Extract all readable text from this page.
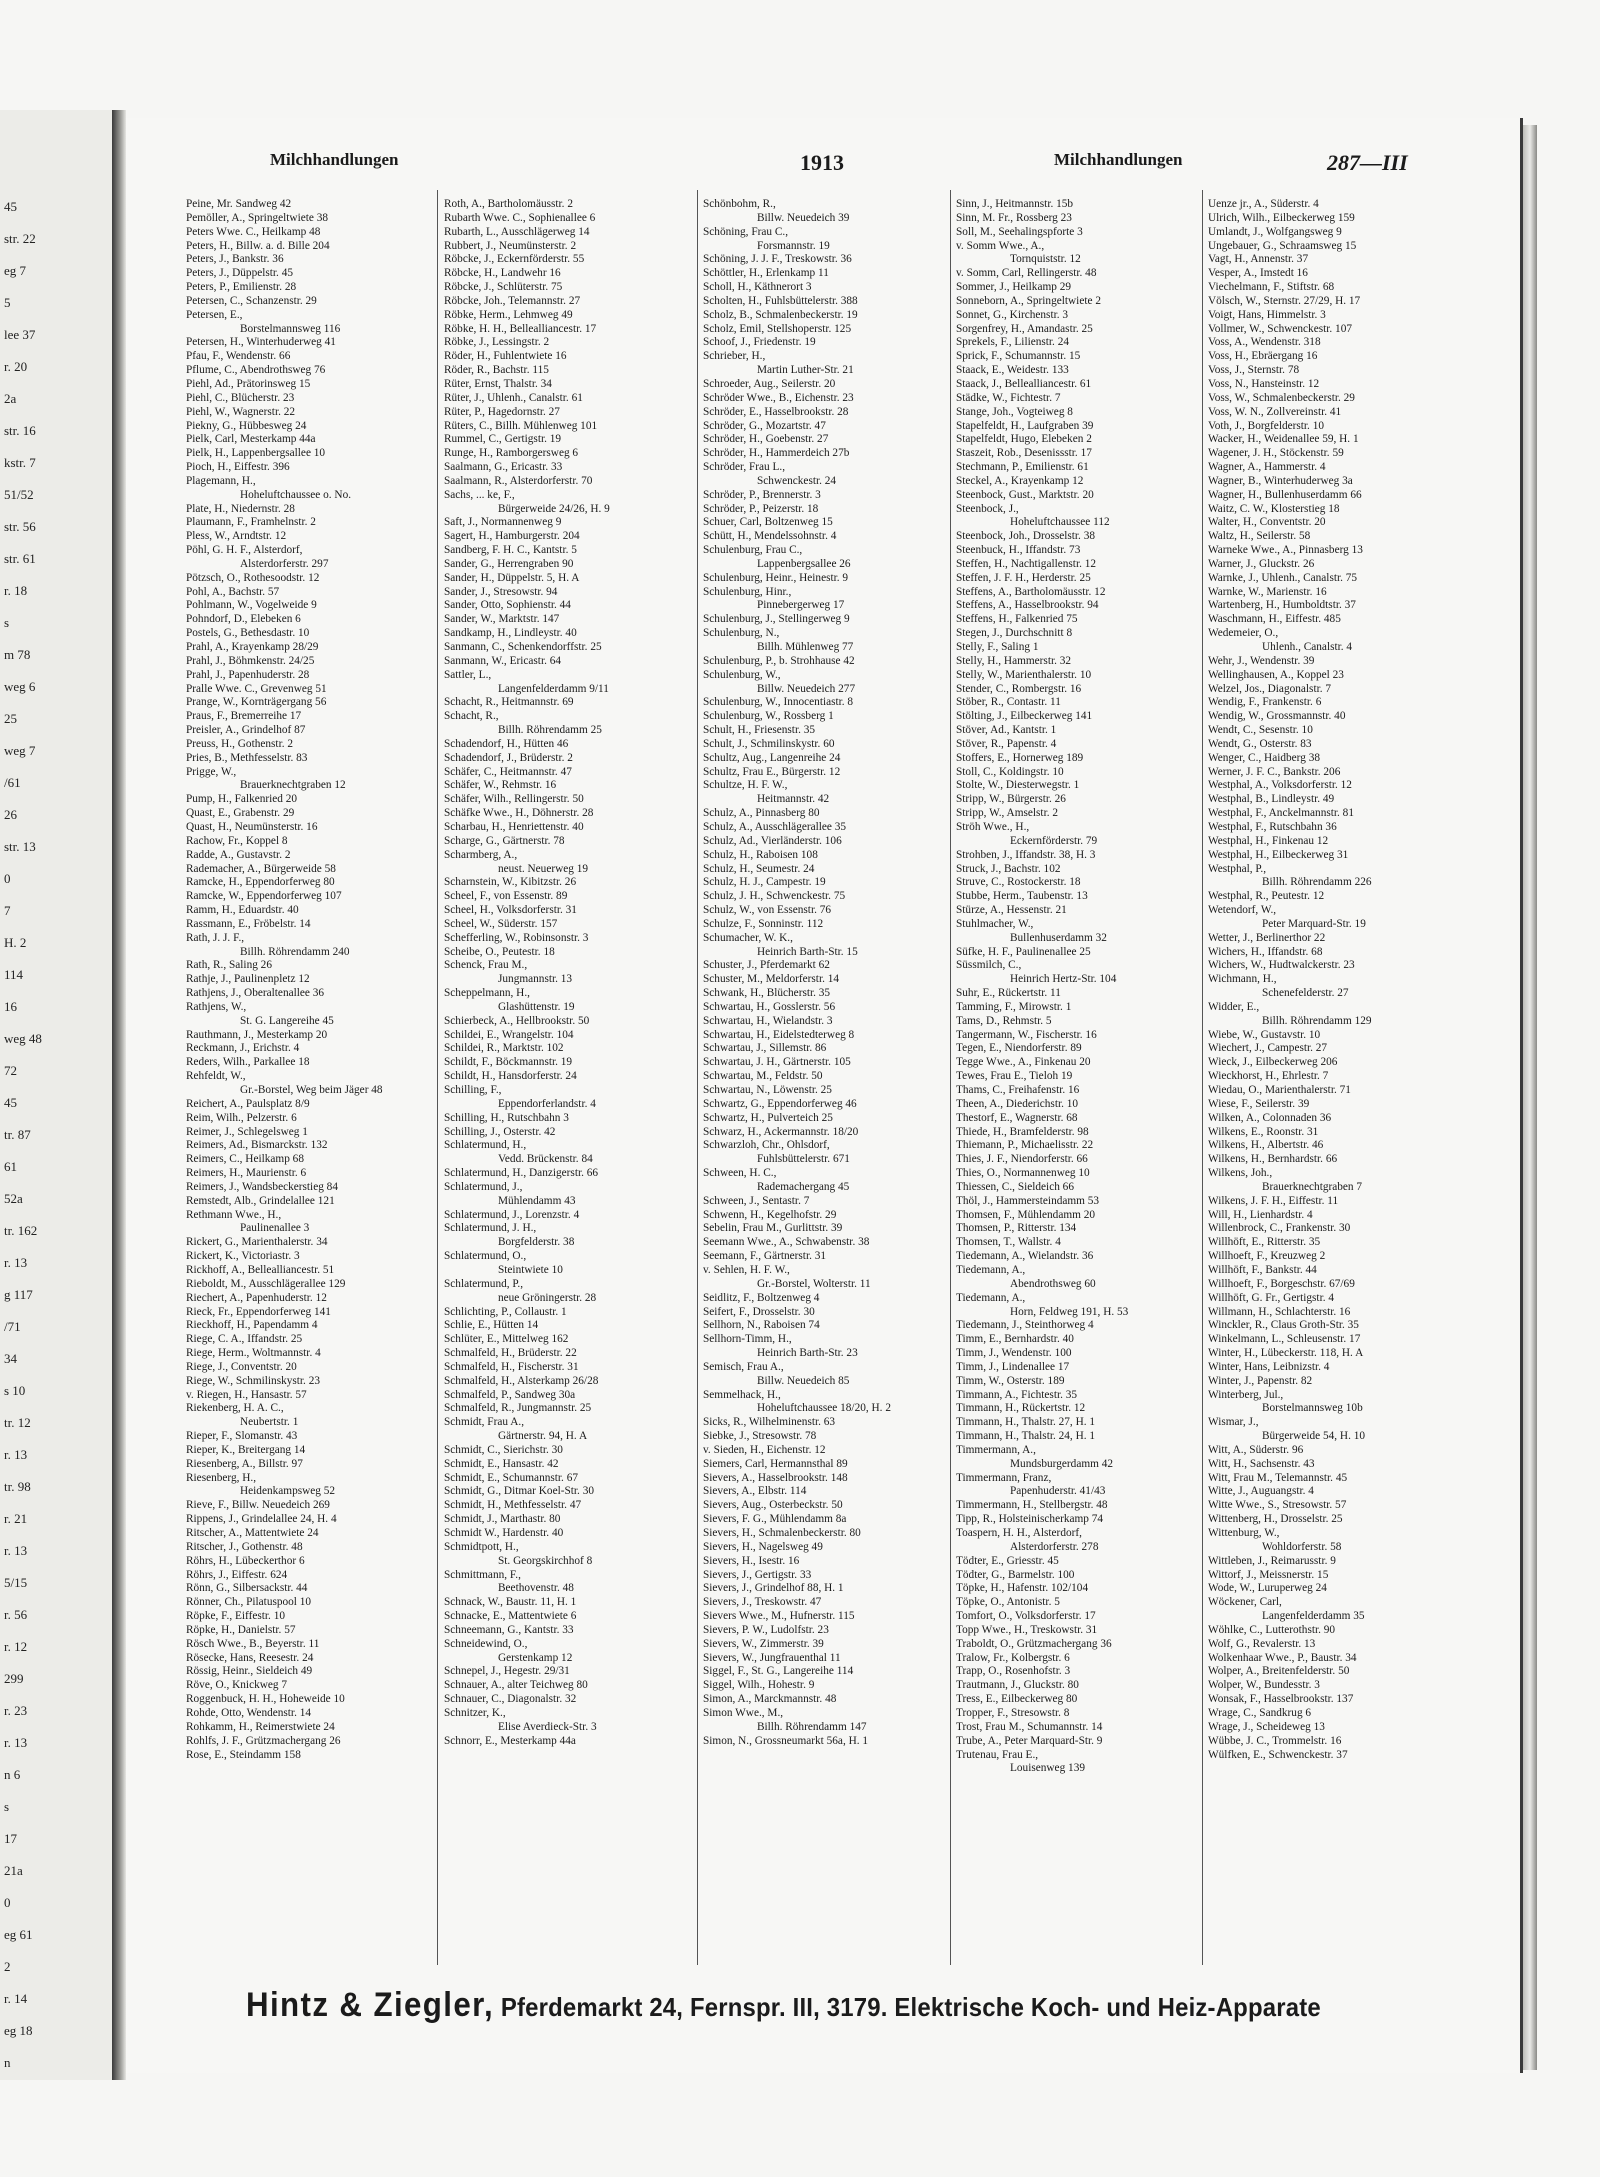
45
str. 22
eg 7
5
lee 37
r. 20
2a
str. 16
kstr. 7
51/52
str. 56
str. 61
r. 18
s
m 78
weg 6
25
weg 7
/61
26
str. 13
0
7
H. 2
114
16
weg 48
72
45
tr. 87
61
52a
tr. 162
r. 13
g 117
/71
34
s 10
tr. 12
r. 13
tr. 98
r. 21
r. 13
5/15
r. 56
r. 12
299
r. 23
r. 13
n 6
s
17
21a
0
eg 61
2
r. 14
eg 18
n
Milchhandlungen	1913	Milchhandlungen	287—III
Peine, Mr. Sandweg 42
Pemöller, A., Springeltwiete 38
Peters Wwe. C., Heilkamp 48
Peters, H., Billw. a. d. Bille 204
Peters, J., Bankstr. 36
Peters, J., Düppelstr. 45
Peters, P., Emilienstr. 28
Petersen, C., Schanzenstr. 29
Petersen, E.,
Borstelmannsweg 116
Petersen, H., Winterhuderweg 41
Pfau, F., Wendenstr. 66
Pflume, C., Abendrothsweg 76
Piehl, Ad., Prätorinsweg 15
Piehl, C., Blücherstr. 23
Piehl, W., Wagnerstr. 22
Piekny, G., Hübbesweg 24
Pielk, Carl, Mesterkamp 44a
Pielk, H., Lappenbergsallee 10
Pioch, H., Eiffestr. 396
Plagemann, H.,
Hoheluftchaussee o. No.
Plate, H., Niedernstr. 28
Plaumann, F., Framhelnstr. 2
Pless, W., Arndtstr. 12
Pöhl, G. H. F., Alsterdorf,
Alsterdorferstr. 297
Pötzsch, O., Rothesoodstr. 12
Pohl, A., Bachstr. 57
Pohlmann, W., Vogelweide 9
Pohndorf, D., Elebeken 6
Postels, G., Bethesdastr. 10
Prahl, A., Krayenkamp 28/29
Prahl, J., Böhmkenstr. 24/25
Prahl, J., Papenhuderstr. 28
Pralle Wwe. C., Grevenweg 51
Prange, W., Kornträgergang 56
Praus, F., Bremerreihe 17
Preisler, A., Grindelhof 87
Preuss, H., Gothenstr. 2
Pries, B., Methfesselstr. 83
Prigge, W.,
Brauerknechtgraben 12
Pump, H., Falkenried 20
Quast, E., Grabenstr. 29
Quast, H., Neumünsterstr. 16
Rachow, Fr., Koppel 8
Radde, A., Gustavstr. 2
Rademacher, A., Bürgerweide 58
Ramcke, H., Eppendorferweg 80
Ramcke, W., Eppendorferweg 107
Ramm, H., Eduardstr. 40
Rassmann, E., Fröbelstr. 14
Rath, J. J. F.,
Billh. Röhrendamm 240
Rath, R., Saling 26
Rathje, J., Paulinenpletz 12
Rathjens, J., Oberaltenallee 36
Rathjens, W.,
St. G. Langereihe 45
Rauthmann, J., Mesterkamp 20
Reckmann, J., Erichstr. 4
Reders, Wilh., Parkallee 18
Rehfeldt, W.,
Gr.-Borstel, Weg beim Jäger 48
Reichert, A., Paulsplatz 8/9
Reim, Wilh., Pelzerstr. 6
Reimer, J., Schlegelsweg 1
Reimers, Ad., Bismarckstr. 132
Reimers, C., Heilkamp 68
Reimers, H., Maurienstr. 6
Reimers, J., Wandsbeckerstieg 84
Remstedt, Alb., Grindelallee 121
Rethmann Wwe., H.,
Paulinenallee 3
Rickert, G., Marienthalerstr. 34
Rickert, K., Victoriastr. 3
Rickhoff, A., Bellealliancestr. 51
Rieboldt, M., Ausschlägerallee 129
Riechert, A., Papenhuderstr. 12
Rieck, Fr., Eppendorferweg 141
Rieckhoff, H., Papendamm 4
Riege, C. A., Iffandstr. 25
Riege, Herm., Woltmannstr. 4
Riege, J., Conventstr. 20
Riege, W., Schmilinskystr. 23
v. Riegen, H., Hansastr. 57
Riekenberg, H. A. C.,
Neubertstr. 1
Rieper, F., Slomanstr. 43
Rieper, K., Breitergang 14
Riesenberg, A., Billstr. 97
Riesenberg, H.,
Heidenkampsweg 52
Rieve, F., Billw. Neuedeich 269
Rippens, J., Grindelallee 24, H. 4
Ritscher, A., Mattentwiete 24
Ritscher, J., Gothenstr. 48
Röhrs, H., Lübeckerthor 6
Röhrs, J., Eiffestr. 624
Rönn, G., Silbersackstr. 44
Rönner, Ch., Pilatuspool 10
Röpke, F., Eiffestr. 10
Röpke, H., Danielstr. 57
Rösch Wwe., B., Beyerstr. 11
Rösecke, Hans, Reesestr. 24
Rössig, Heinr., Sieldeich 49
Röve, O., Knickweg 7
Roggenbuck, H. H., Hoheweide 10
Rohde, Otto, Wendenstr. 14
Rohkamm, H., Reimerstwiete 24
Rohlfs, J. F., Grützmachergang 26
Rose, E., Steindamm 158
Roth, A., Bartholomäusstr. 2
Rubarth Wwe. C., Sophienallee 6
Rubarth, L., Ausschlägerweg 14
Rubbert, J., Neumünsterstr. 2
Röbcke, J., Eckernförderstr. 55
Röbcke, H., Landwehr 16
Röbcke, J., Schlüterstr. 75
Röbcke, Joh., Telemannstr. 27
Röbke, Herm., Lehmweg 49
Röbke, H. H., Bellealliancestr. 17
Röbke, J., Lessingstr. 2
Röder, H., Fuhlentwiete 16
Röder, R., Bachstr. 115
Rüter, Ernst, Thalstr. 34
Rüter, J., Uhlenh., Canalstr. 61
Rüter, P., Hagedornstr. 27
Rüters, C., Billh. Mühlenweg 101
Rummel, C., Gertigstr. 19
Runge, H., Ramborgersweg 6
Saalmann, G., Ericastr. 33
Saalmann, R., Alsterdorferstr. 70
Sachs, ... ke, F.,
Bürgerweide 24/26, H. 9
Saft, J., Normannenweg 9
Sagert, H., Hamburgerstr. 204
Sandberg, F. H. C., Kantstr. 5
Sander, G., Herrengraben 90
Sander, H., Düppelstr. 5, H. A
Sander, J., Stresowstr. 94
Sander, Otto, Sophienstr. 44
Sander, W., Marktstr. 147
Sandkamp, H., Lindleystr. 40
Sanmann, C., Schenkendorffstr. 25
Sanmann, W., Ericastr. 64
Sattler, L.,
Langenfelderdamm 9/11
Schacht, R., Heitmannstr. 69
Schacht, R.,
Billh. Röhrendamm 25
Schadendorf, H., Hütten 46
Schadendorf, J., Brüderstr. 2
Schäfer, C., Heitmannstr. 47
Schäfer, W., Rehmstr. 16
Schäfer, Wilh., Rellingerstr. 50
Schäfke Wwe., H., Döhnerstr. 28
Scharbau, H., Henriettenstr. 40
Scharge, G., Gärtnerstr. 78
Scharmberg, A.,
neust. Neuerweg 19
Scharnstein, W., Kibitzstr. 26
Scheel, F., von Essenstr. 89
Scheel, H., Volksdorferstr. 31
Scheel, W., Süderstr. 157
Schefferling, W., Robinsonstr. 3
Scheibe, O., Peutestr. 18
Schenck, Frau M.,
Jungmannstr. 13
Scheppelmann, H.,
Glashüttenstr. 19
Schierbeck, A., Hellbrookstr. 50
Schildei, E., Wrangelstr. 104
Schildei, R., Marktstr. 102
Schildt, F., Böckmannstr. 19
Schildt, H., Hansdorferstr. 24
Schilling, F.,
Eppendorferlandstr. 4
Schilling, H., Rutschbahn 3
Schilling, J., Osterstr. 42
Schlatermund, H.,
Vedd. Brückenstr. 84
Schlatermund, H., Danzigerstr. 66
Schlatermund, J.,
Mühlendamm 43
Schlatermund, J., Lorenzstr. 4
Schlatermund, J. H.,
Borgfelderstr. 38
Schlatermund, O.,
Steintwiete 10
Schlatermund, P.,
neue Gröningerstr. 28
Schlichting, P., Collaustr. 1
Schlie, E., Hütten 14
Schlüter, E., Mittelweg 162
Schmalfeld, H., Brüderstr. 22
Schmalfeld, H., Fischerstr. 31
Schmalfeld, H., Alsterkamp 26/28
Schmalfeld, P., Sandweg 30a
Schmalfeld, R., Jungmannstr. 25
Schmidt, Frau A.,
Gärtnerstr. 94, H. A
Schmidt, C., Sierichstr. 30
Schmidt, E., Hansastr. 42
Schmidt, E., Schumannstr. 67
Schmidt, G., Ditmar Koel-Str. 30
Schmidt, H., Methfesselstr. 47
Schmidt, J., Marthastr. 80
Schmidt W., Hardenstr. 40
Schmidtpott, H.,
St. Georgskirchhof 8
Schmittmann, F.,
Beethovenstr. 48
Schnack, W., Baustr. 11, H. 1
Schnacke, E., Mattentwiete 6
Schneemann, G., Kantstr. 33
Schneidewind, O.,
Gerstenkamp 12
Schnepel, J., Hegestr. 29/31
Schnauer, A., alter Teichweg 80
Schnauer, C., Diagonalstr. 32
Schnitzer, K.,
Elise Averdieck-Str. 3
Schnorr, E., Mesterkamp 44a
Schönbohm, R.,
Billw. Neuedeich 39
Schöning, Frau C.,
Forsmannstr. 19
Schöning, J. J. F., Treskowstr. 36
Schöttler, H., Erlenkamp 11
Scholl, H., Käthnerort 3
Scholten, H., Fuhlsbüttelerstr. 388
Scholz, B., Schmalenbeckerstr. 19
Scholz, Emil, Stellshoperstr. 125
Schoof, J., Friedenstr. 19
Schrieber, H.,
Martin Luther-Str. 21
Schroeder, Aug., Seilerstr. 20
Schröder Wwe., B., Eichenstr. 23
Schröder, E., Hasselbrookstr. 28
Schröder, G., Mozartstr. 47
Schröder, H., Goebenstr. 27
Schröder, H., Hammerdeich 27b
Schröder, Frau L.,
Schwenckestr. 24
Schröder, P., Brennerstr. 3
Schröder, P., Peizerstr. 18
Schuer, Carl, Boltzenweg 15
Schütt, H., Mendelssohnstr. 4
Schulenburg, Frau C.,
Lappenbergsallee 26
Schulenburg, Heinr., Heinestr. 9
Schulenburg, Hinr.,
Pinnebergerweg 17
Schulenburg, J., Stellingerweg 9
Schulenburg, N.,
Billh. Mühlenweg 77
Schulenburg, P., b. Strohhause 42
Schulenburg, W.,
Billw. Neuedeich 277
Schulenburg, W., Innocentiastr. 8
Schulenburg, W., Rossberg 1
Schult, H., Friesenstr. 35
Schult, J., Schmilinskystr. 60
Schultz, Aug., Langenreihe 24
Schultz, Frau E., Bürgerstr. 12
Schultze, H. F. W.,
Heitmannstr. 42
Schulz, A., Pinnasberg 80
Schulz, A., Ausschlägerallee 35
Schulz, Ad., Vierländerstr. 106
Schulz, H., Raboisen 108
Schulz, H., Seumestr. 24
Schulz, H. J., Campestr. 19
Schulz, J. H., Schwenckestr. 75
Schulz, W., von Essenstr. 76
Schulze, F., Sonninstr. 112
Schumacher, W. K.,
Heinrich Barth-Str. 15
Schuster, J., Pferdemarkt 62
Schuster, M., Meldorferstr. 14
Schwank, H., Blücherstr. 35
Schwartau, H., Gosslerstr. 56
Schwartau, H., Wielandstr. 3
Schwartau, H., Eidelstedterweg 8
Schwartau, J., Sillemstr. 86
Schwartau, J. H., Gärtnerstr. 105
Schwartau, M., Feldstr. 50
Schwartau, N., Löwenstr. 25
Schwartz, G., Eppendorferweg 46
Schwartz, H., Pulverteich 25
Schwarz, H., Ackermannstr. 18/20
Schwarzloh, Chr., Ohlsdorf,
Fuhlsbüttelerstr. 671
Schween, H. C.,
Rademachergang 45
Schween, J., Sentastr. 7
Schwenn, H., Kegelhofstr. 29
Sebelin, Frau M., Gurlittstr. 39
Seemann Wwe., A., Schwabenstr. 38
Seemann, F., Gärtnerstr. 31
v. Sehlen, H. F. W.,
Gr.-Borstel, Wolterstr. 11
Seidlitz, F., Boltzenweg 4
Seifert, F., Drosselstr. 30
Sellhorn, N., Raboisen 74
Sellhorn-Timm, H.,
Heinrich Barth-Str. 23
Semisch, Frau A.,
Billw. Neuedeich 85
Semmelhack, H.,
Hoheluftchaussee 18/20, H. 2
Sicks, R., Wilhelminenstr. 63
Siebke, J., Stresowstr. 78
v. Sieden, H., Eichenstr. 12
Siemers, Carl, Hermannsthal 89
Sievers, A., Hasselbrookstr. 148
Sievers, A., Elbstr. 114
Sievers, Aug., Osterbeckstr. 50
Sievers, F. G., Mühlendamm 8a
Sievers, H., Schmalenbeckerstr. 80
Sievers, H., Nagelsweg 49
Sievers, H., Isestr. 16
Sievers, J., Gertigstr. 33
Sievers, J., Grindelhof 88, H. 1
Sievers, J., Treskowstr. 47
Sievers Wwe., M., Hufnerstr. 115
Sievers, P. W., Ludolfstr. 23
Sievers, W., Zimmerstr. 39
Sievers, W., Jungfrauenthal 11
Siggel, F., St. G., Langereihe 114
Siggel, Wilh., Hohestr. 9
Simon, A., Marckmannstr. 48
Simon Wwe., M.,
Billh. Röhrendamm 147
Simon, N., Grossneumarkt 56a, H. 1
Sinn, J., Heitmannstr. 15b
Sinn, M. Fr., Rossberg 23
Soll, M., Seehalingspforte 3
v. Somm Wwe., A.,
Tornquiststr. 12
v. Somm, Carl, Rellingerstr. 48
Sommer, J., Heilkamp 29
Sonneborn, A., Springeltwiete 2
Sonnet, G., Kirchenstr. 3
Sorgenfrey, H., Amandastr. 25
Sprekels, F., Lilienstr. 24
Sprick, F., Schumannstr. 15
Staack, E., Weidestr. 133
Staack, J., Bellealliancestr. 61
Städke, W., Fichtestr. 7
Stange, Joh., Vogteiweg 8
Stapelfeldt, H., Laufgraben 39
Stapelfeldt, Hugo, Elebeken 2
Staszeit, Rob., Desenissstr. 17
Stechmann, P., Emilienstr. 61
Steckel, A., Krayenkamp 12
Steenbock, Gust., Marktstr. 20
Steenbock, J.,
Hoheluftchaussee 112
Steenbock, Joh., Drosselstr. 38
Steenbuck, H., Iffandstr. 73
Steffen, H., Nachtigallenstr. 12
Steffen, J. F. H., Herderstr. 25
Steffens, A., Bartholomäusstr. 12
Steffens, A., Hasselbrookstr. 94
Steffens, H., Falkenried 75
Stegen, J., Durchschnitt 8
Stelly, F., Saling 1
Stelly, H., Hammerstr. 32
Stelly, W., Marienthalerstr. 10
Stender, C., Rombergstr. 16
Stöber, R., Contastr. 11
Stölting, J., Eilbeckerweg 141
Stöver, Ad., Kantstr. 1
Stöver, R., Papenstr. 4
Stoffers, E., Hornerweg 189
Stoll, C., Koldingstr. 10
Stolte, W., Diesterwegstr. 1
Stripp, W., Bürgerstr. 26
Stripp, W., Amselstr. 2
Ströh Wwe., H.,
Eckernförderstr. 79
Strohben, J., Iffandstr. 38, H. 3
Struck, J., Bachstr. 102
Struve, C., Rostockerstr. 18
Stubbe, Herm., Taubenstr. 13
Stürze, A., Hessenstr. 21
Stuhlmacher, W.,
Bullenhuserdamm 32
Süfke, H. F., Paulinenallee 25
Süssmilch, C.,
Heinrich Hertz-Str. 104
Suhr, E., Rückertstr. 11
Tamming, F., Mirowstr. 1
Tams, D., Rehmstr. 5
Tangermann, W., Fischerstr. 16
Tegen, E., Niendorferstr. 89
Tegge Wwe., A., Finkenau 20
Tewes, Frau E., Tieloh 19
Thams, C., Freihafenstr. 16
Theen, A., Diederichstr. 10
Thestorf, E., Wagnerstr. 68
Thiede, H., Bramfelderstr. 98
Thiemann, P., Michaelisstr. 22
Thies, J. F., Niendorferstr. 66
Thies, O., Normannenweg 10
Thiessen, C., Sieldeich 66
Thöl, J., Hammersteindamm 53
Thomsen, F., Mühlendamm 20
Thomsen, P., Ritterstr. 134
Thomsen, T., Wallstr. 4
Tiedemann, A., Wielandstr. 36
Tiedemann, A.,
Abendrothsweg 60
Tiedemann, A.,
Horn, Feldweg 191, H. 53
Tiedemann, J., Steinthorweg 4
Timm, E., Bernhardstr. 40
Timm, J., Wendenstr. 100
Timm, J., Lindenallee 17
Timm, W., Osterstr. 189
Timmann, A., Fichtestr. 35
Timmann, H., Rückertstr. 12
Timmann, H., Thalstr. 27, H. 1
Timmann, H., Thalstr. 24, H. 1
Timmermann, A.,
Mundsburgerdamm 42
Timmermann, Franz,
Papenhuderstr. 41/43
Timmermann, H., Stellbergstr. 48
Tipp, R., Holsteinischerkamp 74
Toaspern, H. H., Alsterdorf,
Alsterdorferstr. 278
Tödter, E., Griesstr. 45
Tödter, G., Barmelstr. 100
Töpke, H., Hafenstr. 102/104
Töpke, O., Antonistr. 5
Tomfort, O., Volksdorferstr. 17
Topp Wwe., H., Treskowstr. 31
Traboldt, O., Grützmachergang 36
Tralow, Fr., Kolbergstr. 6
Trapp, O., Rosenhofstr. 3
Trautmann, J., Gluckstr. 80
Tress, E., Eilbeckerweg 80
Tropper, F., Stresowstr. 8
Trost, Frau M., Schumannstr. 14
Trube, A., Peter Marquard-Str. 9
Trutenau, Frau E.,
Louisenweg 139
Uenze jr., A., Süderstr. 4
Ulrich, Wilh., Eilbeckerweg 159
Umlandt, J., Wolfgangsweg 9
Ungebauer, G., Schraamsweg 15
Vagt, H., Annenstr. 37
Vesper, A., Imstedt 16
Viechelmann, F., Stiftstr. 68
Völsch, W., Sternstr. 27/29, H. 17
Voigt, Hans, Himmelstr. 3
Vollmer, W., Schwenckestr. 107
Voss, A., Wendenstr. 318
Voss, H., Ebräergang 16
Voss, J., Sternstr. 78
Voss, N., Hansteinstr. 12
Voss, W., Schmalenbeckerstr. 29
Voss, W. N., Zollvereinstr. 41
Voth, J., Borgfelderstr. 10
Wacker, H., Weidenallee 59, H. 1
Wagener, J. H., Stöckenstr. 59
Wagner, A., Hammerstr. 4
Wagner, B., Winterhuderweg 3a
Wagner, H., Bullenhuserdamm 66
Waitz, C. W., Klosterstieg 18
Walter, H., Conventstr. 20
Waltz, H., Seilerstr. 58
Warneke Wwe., A., Pinnasberg 13
Warner, J., Gluckstr. 26
Warnke, J., Uhlenh., Canalstr. 75
Warnke, W., Marienstr. 16
Wartenberg, H., Humboldtstr. 37
Waschmann, H., Eiffestr. 485
Wedemeier, O.,
Uhlenh., Canalstr. 4
Wehr, J., Wendenstr. 39
Wellinghausen, A., Koppel 23
Welzel, Jos., Diagonalstr. 7
Wendig, F., Frankenstr. 6
Wendig, W., Grossmannstr. 40
Wendt, C., Sesenstr. 10
Wendt, G., Osterstr. 83
Wenger, C., Haidberg 38
Werner, J. F. C., Bankstr. 206
Westphal, A., Volksdorferstr. 12
Westphal, B., Lindleystr. 49
Westphal, F., Anckelmannstr. 81
Westphal, F., Rutschbahn 36
Westphal, H., Finkenau 12
Westphal, H., Eilbeckerweg 31
Westphal, P.,
Billh. Röhrendamm 226
Westphal, R., Peutestr. 12
Wetendorf, W.,
Peter Marquard-Str. 19
Wetter, J., Berlinerthor 22
Wichers, H., Iffandstr. 68
Wichers, W., Hudtwalckerstr. 23
Wichmann, H.,
Schenefelderstr. 27
Widder, E.,
Billh. Röhrendamm 129
Wiebe, W., Gustavstr. 10
Wiechert, J., Campestr. 27
Wieck, J., Eilbeckerweg 206
Wieckhorst, H., Ehrlestr. 7
Wiedau, O., Marienthalerstr. 71
Wiese, F., Seilerstr. 39
Wilken, A., Colonnaden 36
Wilkens, E., Roonstr. 31
Wilkens, H., Albertstr. 46
Wilkens, H., Bernhardstr. 66
Wilkens, Joh.,
Brauerknechtgraben 7
Wilkens, J. F. H., Eiffestr. 11
Will, H., Lienhardstr. 4
Willenbrock, C., Frankenstr. 30
Willhöft, E., Ritterstr. 35
Willhoeft, F., Kreuzweg 2
Willhöft, F., Bankstr. 44
Willhoeft, F., Borgeschstr. 67/69
Willhöft, G. Fr., Gertigstr. 4
Willmann, H., Schlachterstr. 16
Winckler, R., Claus Groth-Str. 35
Winkelmann, L., Schleusenstr. 17
Winter, H., Lübeckerstr. 118, H. A
Winter, Hans, Leibnizstr. 4
Winter, J., Papenstr. 82
Winterberg, Jul.,
Borstelmannsweg 10b
Wismar, J.,
Bürgerweide 54, H. 10
Witt, A., Süderstr. 96
Witt, H., Sachsenstr. 43
Witt, Frau M., Telemannstr. 45
Witte, J., Auguangstr. 4
Witte Wwe., S., Stresowstr. 57
Wittenberg, H., Drosselstr. 25
Wittenburg, W.,
Wohldorferstr. 58
Wittleben, J., Reimarusstr. 9
Wittorf, J., Meissnerstr. 15
Wode, W., Luruperweg 24
Wöckener, Carl,
Langenfelderdamm 35
Wöhlke, C., Lutterothstr. 90
Wolf, G., Revalerstr. 13
Wolkenhaar Wwe., P., Baustr. 34
Wolper, A., Breitenfelderstr. 50
Wolper, W., Bundesstr. 3
Wonsak, F., Hasselbrookstr. 137
Wrage, C., Sandkrug 6
Wrage, J., Scheideweg 13
Wübbe, J. C., Trommelstr. 16
Wülfken, E., Schwenckestr. 37
Hintz & Ziegler, Pferdemarkt 24, Fernspr. III, 3179. Elektrische Koch- und Heiz-Apparate
